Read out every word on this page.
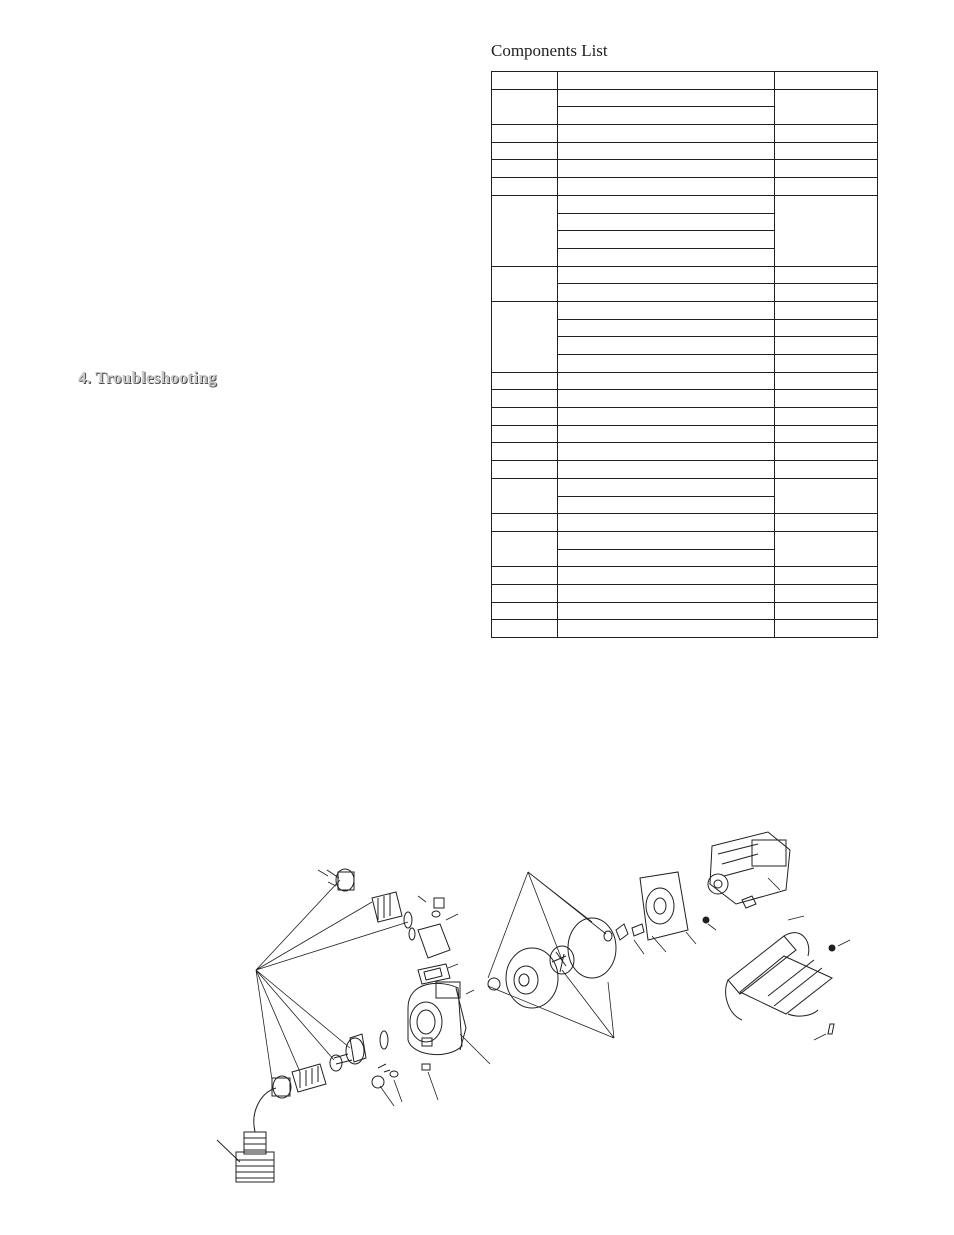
4. Troubleshooting
Components List
